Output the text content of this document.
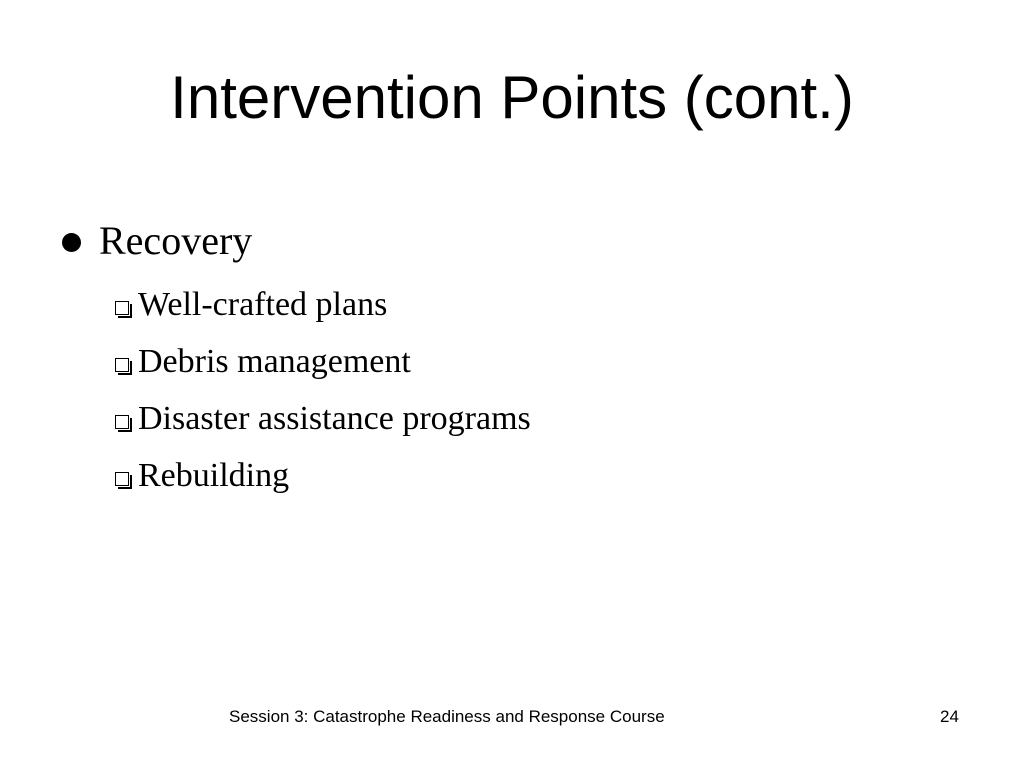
Intervention Points (cont.)
Recovery
Well-crafted plans
Debris management
Disaster assistance programs
Rebuilding
Session 3: Catastrophe Readiness and Response Course	24
